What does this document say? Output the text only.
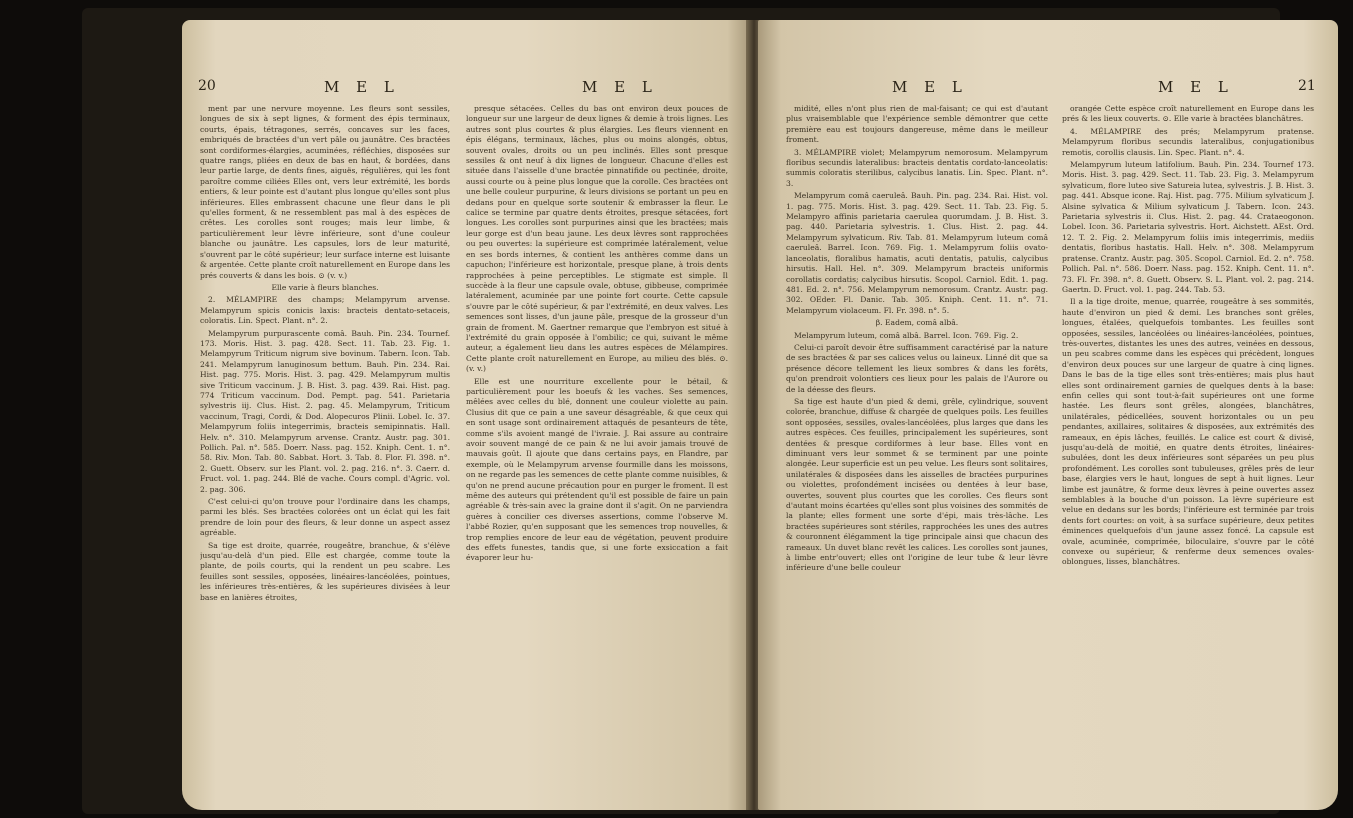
20	M E L	M E L

ment par une nervure moyenne. Les fleurs sont sessiles, longues de six à sept lignes, & forment des épis terminaux, courts, épais, tétragones, serrés, concaves sur les faces, embriqués de bractées d'un vert pâle ou jaunâtre. Ces bractées sont cordiformes-élargies, acuminées, réfléchies, disposées sur quatre rangs, pliées en deux de bas en haut, & bordées, dans leur partie large, de dents fines, aiguës, régulières, qui les font paroître comme ciliées Elles ont, vers leur extrémité, les bords entiers, & leur pointe est d'autant plus longue qu'elles sont plus inférieures. Elles embrassent chacune une fleur dans le pli qu'elles forment, & ne ressemblent pas mal à des espèces de crêtes. Les corolles sont rouges; mais leur limbe, & particulièrement leur lèvre inférieure, sont d'une couleur blanche ou jaunâtre. Les capsules, lors de leur maturité, s'ouvrent par le côté supérieur; leur surface interne est luisante & argentée. Cette plante croît naturellement en Europe dans les prés couverts & dans les bois. ⊙ (v. v.)

Elle varie à fleurs blanches.

2. MÉLAMPIRE des champs; Melampyrum arvense. Melampyrum spicis conicis laxis: bracteis dentato-setaceis, coloratis. Lin. Spect. Plant. n°. 2.

Melampyrum purpurascente comâ. Bauh. Pin. 234. Tournef. 173. Moris. Hist. 3. pag. 428. Sect. 11. Tab. 23. Fig. 1. Melampyrum Triticum nigrum sive bovinum. Tabern. Icon. Tab. 241. Melampyrum lanuginosum bettum. Bauh. Pin. 234. Rai. Hist. pag. 775. Moris. Hist. 3. pag. 429. Melampyrum multis sive Triticum vaccinum. J. B. Hist. 3. pag. 439. Rai. Hist. pag. 774 Triticum vaccinum. Dod. Pempt. pag. 541. Parietaria sylvestris iij. Clus. Hist. 2. pag. 45. Melampyrum, Triticum vaccinum, Tragi, Cordi, & Dod. Alopecuros Plinii. Lobel. Ic. 37. Melampyrum foliis integerrimis, bracteis semipinnatis. Hall. Helv. n°. 310. Melampyrum arvense. Crantz. Austr. pag. 301. Pollich. Pal. n°. 585. Doerr. Nass. pag. 152. Kniph. Cent. 1. n°. 58. Riv. Mon. Tab. 80. Sabbat. Hort. 3. Tab. 8. Flor. Fl. 398. n°. 2. Guett. Observ. sur les Plant. vol. 2. pag. 216. n°. 3. Caerr. d. Fruct. vol. 1. pag. 244. Blé de vache. Cours compl. d'Agric. vol. 2. pag. 306.

C'est celui-ci qu'on trouve pour l'ordinaire dans les champs, parmi les blés. Ses bractées colorées ont un éclat qui les fait prendre de loin pour des fleurs, & leur donne un aspect assez agréable.

Sa tige est droite, quarrée, rougeâtre, branchue, & s'élève jusqu'au-delà d'un pied. Elle est chargée, comme toute la plante, de poils courts, qui la rendent un peu scabre. Les feuilles sont sessiles, opposées, linéaires-lancéolées, pointues, les inférieures très-entières, & les supérieures divisées à leur base en lanières étroites,

presque sétacées. Celles du bas ont environ deux pouces de longueur sur une largeur de deux lignes & demie à trois lignes. Les autres sont plus courtes & plus élargies. Les fleurs viennent en épis élégans, terminaux, lâches, plus ou moins alongés, obtus, souvent ovales, droits ou un peu inclinés. Elles sont presque sessiles & ont neuf à dix lignes de longueur. Chacune d'elles est située dans l'aisselle d'une bractée pinnatifide ou pectinée, droite, aussi courte ou à peine plus longue que la corolle. Ces bractées ont une belle couleur purpurine, & leurs divisions se portant un peu en dedans pour en quelque sorte soutenir & embrasser la fleur. Le calice se termine par quatre dents étroites, presque sétacées, fort longues. Les corolles sont purpurines ainsi que les bractées; mais leur gorge est d'un beau jaune. Les deux lèvres sont rapprochées ou peu ouvertes: la supérieure est comprimée latéralement, velue en ses bords internes, & contient les anthères comme dans un capuchon; l'inférieure est horizontale, presque plane, à trois dents rapprochées à peine perceptibles. Le stigmate est simple. Il succède à la fleur une capsule ovale, obtuse, gibbeuse, comprimée latéralement, acuminée par une pointe fort courte. Cette capsule s'ouvre par le côté supérieur, & par l'extrémité, en deux valves. Les semences sont lisses, d'un jaune pâle, presque de la grosseur d'un grain de froment. M. Gaertner remarque que l'embryon est situé à l'extrémité du grain opposée à l'ombilic; ce qui, suivant le même auteur, a également lieu dans les autres espèces de Mélampires. Cette plante croît naturellement en Europe, au milieu des blés. ⊙. (v. v.)

Elle est une nourriture excellente pour le bétail, & particulièrement pour les boeufs & les vaches. Ses semences, mêlées avec celles du blé, donnent une couleur violette au pain. Clusius dit que ce pain a une saveur désagréable, & que ceux qui en sont usage sont ordinairement attaqués de pesanteurs de tête, comme s'ils avoient mangé de l'ivraie. J. Rai assure au contraire avoir souvent mangé de ce pain & ne lui avoir jamais trouvé de mauvais goût. Il ajoute que dans certains pays, en Flandre, par exemple, où le Melampyrum arvense fourmille dans les moissons, on ne regarde pas les semences de cette plante comme nuisibles, & qu'on ne prend aucune précaution pour en purger le froment. Il est même des auteurs qui prétendent qu'il est possible de faire un pain agréable & très-sain avec la graine dont il s'agit. On ne parviendra guères à concilier ces diverses assertions, comme l'observe M. l'abbé Rozier, qu'en supposant que les semences trop nouvelles, & trop remplies encore de leur eau de végétation, peuvent produire des effets funestes, tandis que, si une forte exsiccation a fait évaporer leur hu-

M E L	M E L	21

midité, elles n'ont plus rien de mal-faisant; ce qui est d'autant plus vraisemblable que l'expérience semble démontrer que cette première eau est toujours dangereuse, même dans le meilleur froment.

3. MÉLAMPIRE violet; Melampyrum nemorosum. Melampyrum floribus secundis lateralibus: bracteis dentatis cordato-lanceolatis: summis coloratis sterilibus, calycibus lanatis. Lin. Spec. Plant. n°. 3.

Melampyrum comâ caeruleâ. Bauh. Pin. pag. 234. Rai. Hist. vol. 1. pag. 775. Moris. Hist. 3. pag. 429. Sect. 11. Tab. 23. Fig. 5. Melampyro affinis parietaria caerulea quorumdam. J. B. Hist. 3. pag. 440. Parietaria sylvestris. 1. Clus. Hist. 2. pag. 44. Melampyrum sylvaticum. Riv. Tab. 81. Melampyrum luteum comâ caeruleâ. Barrel. Icon. 769. Fig. 1. Melampyrum foliis ovato-lanceolatis, floralibus hamatis, acuti dentatis, patulis, calycibus hirsutis. Hall. Hel. n°. 309. Melampyrum bracteis uniformis corollatis cordatis; calycibus hirsutis. Scopol. Carniol. Edit. 1. pag. 481. Ed. 2. n°. 756. Melampyrum nemorosum. Crantz. Austr. pag. 302. OEder. Fl. Danic. Tab. 305. Kniph. Cent. 11. n°. 71. Melampyrum violaceum. Fl. Fr. 398. n°. 5.

β. Eadem, comâ albâ.

Melampyrum luteum, comâ albâ. Barrel. Icon. 769. Fig. 2.

Celui-ci paroît devoir être suffisamment caractérisé par la nature de ses bractées & par ses calices velus ou laineux. Linné dit que sa présence décore tellement les lieux sombres & dans les forêts, qu'on prendroit volontiers ces lieux pour les palais de l'Aurore ou de la déesse des fleurs.

Sa tige est haute d'un pied & demi, grêle, cylindrique, souvent colorée, branchue, diffuse & chargée de quelques poils. Les feuilles sont opposées, sessiles, ovales-lancéolées, plus larges que dans les autres espèces. Ces feuilles, principalement les supérieures, sont dentées & presque cordiformes à leur base. Elles vont en diminuant vers leur sommet & se terminent par une pointe alongée. Leur superficie est un peu velue. Les fleurs sont solitaires, unilatérales & disposées dans les aisselles de bractées purpurines ou violettes, profondément incisées ou dentées à leur base, ouvertes, souvent plus courtes que les corolles. Ces fleurs sont d'autant moins écartées qu'elles sont plus voisines des sommités de la plante; elles forment une sorte d'épi, mais très-lâche. Les bractées supérieures sont stériles, rapprochées les unes des autres & couronnent élégamment la tige principale ainsi que chacun des rameaux. Un duvet blanc revêt les calices. Les corolles sont jaunes, à limbe entr'ouvert; elles ont l'origine de leur tube & leur lèvre inférieure d'une belle couleur

orangée Cette espèce croît naturellement en Europe dans les prés & les lieux couverts. ⊙. Elle varie à bractées blanchâtres.

4. MÉLAMPIRE des prés; Melampyrum pratense. Melampyrum floribus secundis lateralibus, conjugationibus remotis, corollis clausis. Lin. Spec. Plant. n°. 4.

Melampyrum luteum latifolium. Bauh. Pin. 234. Tournef 173. Moris. Hist. 3. pag. 429. Sect. 11. Tab. 23. Fig. 3. Melampyrum sylvaticum, flore luteo sive Satureia lutea, sylvestris. J. B. Hist. 3. pag. 441. Absque icone. Raj. Hist. pag. 775. Milium sylvaticum J. Alsine sylvatica & Milium sylvaticum J. Tabern. Icon. 243. Parietaria sylvestris ii. Clus. Hist. 2. pag. 44. Crataeogonon. Lobel. Icon. 36. Parietaria sylvestris. Hort. Aichstett. AEst. Ord. 12. T. 2. Fig. 2. Melampyrum foliis imis integerrimis, mediis dentatis, floribus hastatis. Hall. Helv. n°. 308. Melampyrum pratense. Crantz. Austr. pag. 305. Scopol. Carniol. Ed. 2. n°. 758. Pollich. Pal. n°. 586. Doerr. Nass. pag. 152. Kniph. Cent. 11. n°. 73. Fl. Fr. 398. n°. 8. Guett. Observ. S. L. Plant. vol. 2. pag. 214. Gaertn. D. Fruct. vol. 1. pag. 244. Tab. 53.

Il a la tige droite, menue, quarrée, rougeâtre à ses sommités, haute d'environ un pied & demi. Les branches sont grêles, longues, étalées, quelquefois tombantes. Les feuilles sont opposées, sessiles, lancéolées ou linéaires-lancéolées, pointues, très-ouvertes, distantes les unes des autres, veinées en dessous, un peu scabres comme dans les espèces qui précèdent, longues d'environ deux pouces sur une largeur de quatre à cinq lignes. Dans le bas de la tige elles sont très-entières; mais plus haut elles sont ordinairement garnies de quelques dents à la base: enfin celles qui sont tout-à-fait supérieures ont une forme hastée. Les fleurs sont grêles, alongées, blanchâtres, unilatérales, pédicellées, souvent horizontales ou un peu pendantes, axillaires, solitaires & disposées, aux extrémités des rameaux, en épis lâches, feuillés. Le calice est court & divisé, jusqu'au-delà de moitié, en quatre dents étroites, linéaires-subulées, dont les deux inférieures sont séparées un peu plus profondément. Les corolles sont tubuleuses, grêles près de leur base, élargies vers le haut, longues de sept à huit lignes. Leur limbe est jaunâtre, & forme deux lèvres à peine ouvertes assez semblables à la bouche d'un poisson. La lèvre supérieure est velue en dedans sur les bords; l'inférieure est terminée par trois dents fort courtes: on voit, à sa surface supérieure, deux petites éminences quelquefois d'un jaune assez foncé. La capsule est ovale, acuminée, comprimée, biloculaire, s'ouvre par le côté convexe ou supérieur, & renferme deux semences ovales-oblongues, lisses, blanchâtres.
